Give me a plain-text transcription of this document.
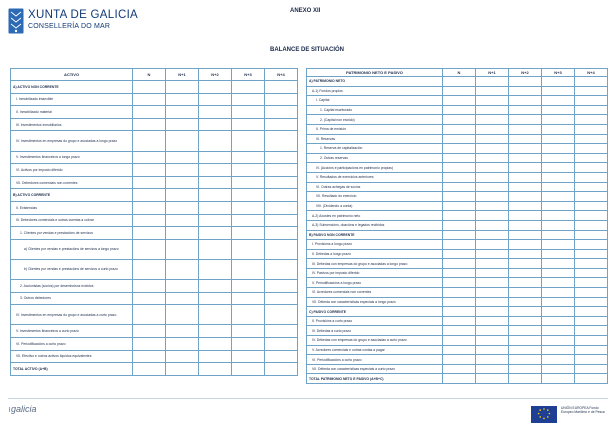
XUNTA DE GALICIA
CONSELLERÍA DO MAR
ANEXO XII
BALANCE DE SITUACIÓN
ACTIVO	N	N+1	N+2	N+3	N+4
A) ACTIVO NON CORRENTE					
I. Inmobilizado intanxible					
II. Inmobilizado material					
III. Investimentos inmobiliarios					
IV. Investimentos en empresas do grupo e asociadas a longo prazo					
V. Investimentos financeiros a longo prazo					
VI. Activos por imposto diferido					
VII. Debedores comerciais non correntes					
B) ACTIVO CORRENTE					
II. Existencias					
III. Debedores comerciais e outras cuentas a cobrar					
1. Clientes por vendas e prestacións de servizos					
a) Clientes por vendas e prestacións de servizos a longo prazo					
b) Clientes por vendas e prestacións de servizos a curto prazo					
2. Accionistas (socios) por desembolsos exixidos					
3. Outros debedores					
IV. Investimentos en empresas do grupo e asociadas a curto prazo					
V. Investimentos financeiros a curto prazo					
VI. Periodificacións a curto prazo					
VII. Efectivo e outros activos líquidos equivalentes					
TOTAL ACTIVO (A+B)					
PATRIMONIO NETO E PASIVO	N	N+1	N+2	N+3	N+4
A) PATRIMONIO NETO					
A-1) Fondos propios					
I. Capital					
1. Capital escriturado					
2. (Capital non esixido)					
II. Prima de emisión					
III. Reservas					
1. Reserva de capitalización					
2. Outras reservas					
IV. (Accións e participacións en patrimonio propias)					
V. Resultados de exercicios anteriores					
VI. Outras achegas de socios					
VII. Resultado do exercicio					
VIII. (Dividendo a conta)					
A-2) Axustes en patrimonio neto					
A-3) Subvencións, doacións e legados recibidos					
B) PASIVO NON CORRENTE					
I. Provisións a longo prazo					
II. Débedas a longo prazo					
III. Débedas con empresas do grupo e asociadas a longo prazo					
IV. Pasivos por imposto diferido					
V. Periodificacións a longo prazo					
VI. Acredores comerciais non correntes					
VII. Débeda con características especiais a longo prazo					
C) PASIVO CORRENTE					
II. Provisións a curto prazo					
III. Débedas a curto prazo					
IV. Débedas con empresas do grupo e asociadas a curto prazo					
V. Acredores comerciais e outras contas a pagar					
VI. Periodificacións a curto prazo					
VII. Débeda con características especiais a curto prazo					
TOTAL PATRIMONIO NETO E PASIVO (A+B+C)					
≀galicia	UNIÓN EUROPEA Fondo Europeo Marítimo e de Pesca
